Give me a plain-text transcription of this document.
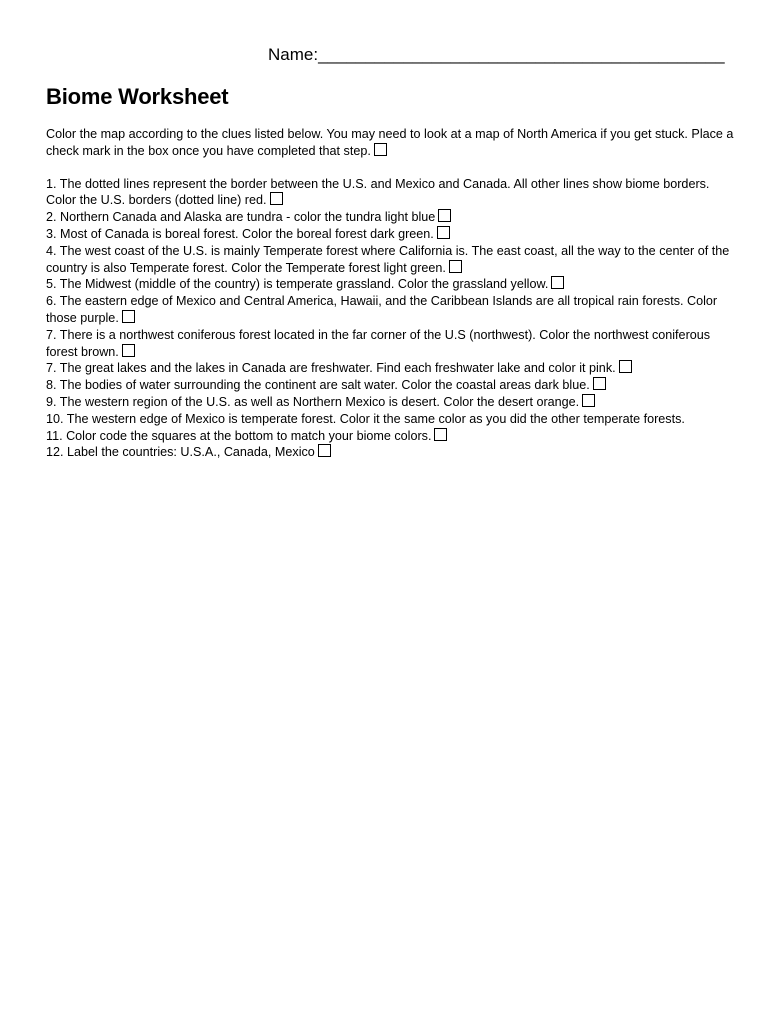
Name:___________________________________________
Biome Worksheet

Color the map according to the clues listed below. You may need to look at a map of North America if you get stuck. Place a check mark in the box once you have completed that step.

1. The dotted lines represent the border between the U.S. and Mexico and Canada. All other lines show biome borders. Color the U.S. borders (dotted line) red.

2. Northern Canada and Alaska are tundra - color the tundra light blue

3. Most of Canada is boreal forest. Color the boreal forest dark green.

4. The west coast of the U.S. is mainly Temperate forest where California is. The east coast, all the way to the center of the country is also Temperate forest. Color the Temperate forest light green.

5. The Midwest (middle of the country) is temperate grassland. Color the grassland yellow.

6. The eastern edge of Mexico and Central America, Hawaii, and the Caribbean Islands are all tropical rain forests. Color those purple.

7. There is a northwest coniferous forest located in the far corner of the U.S (northwest). Color the northwest coniferous forest brown.

7. The great lakes and the lakes in Canada are freshwater. Find each freshwater lake and color it pink.

8. The bodies of water surrounding the continent are salt water. Color the coastal areas dark blue.

9. The western region of the U.S. as well as Northern Mexico is desert. Color the desert orange.

10. The western edge of Mexico is temperate forest. Color it the same color as you did the other temperate forests.

11. Color code the squares at the bottom to match your biome colors.

12. Label the countries: U.S.A., Canada, Mexico
